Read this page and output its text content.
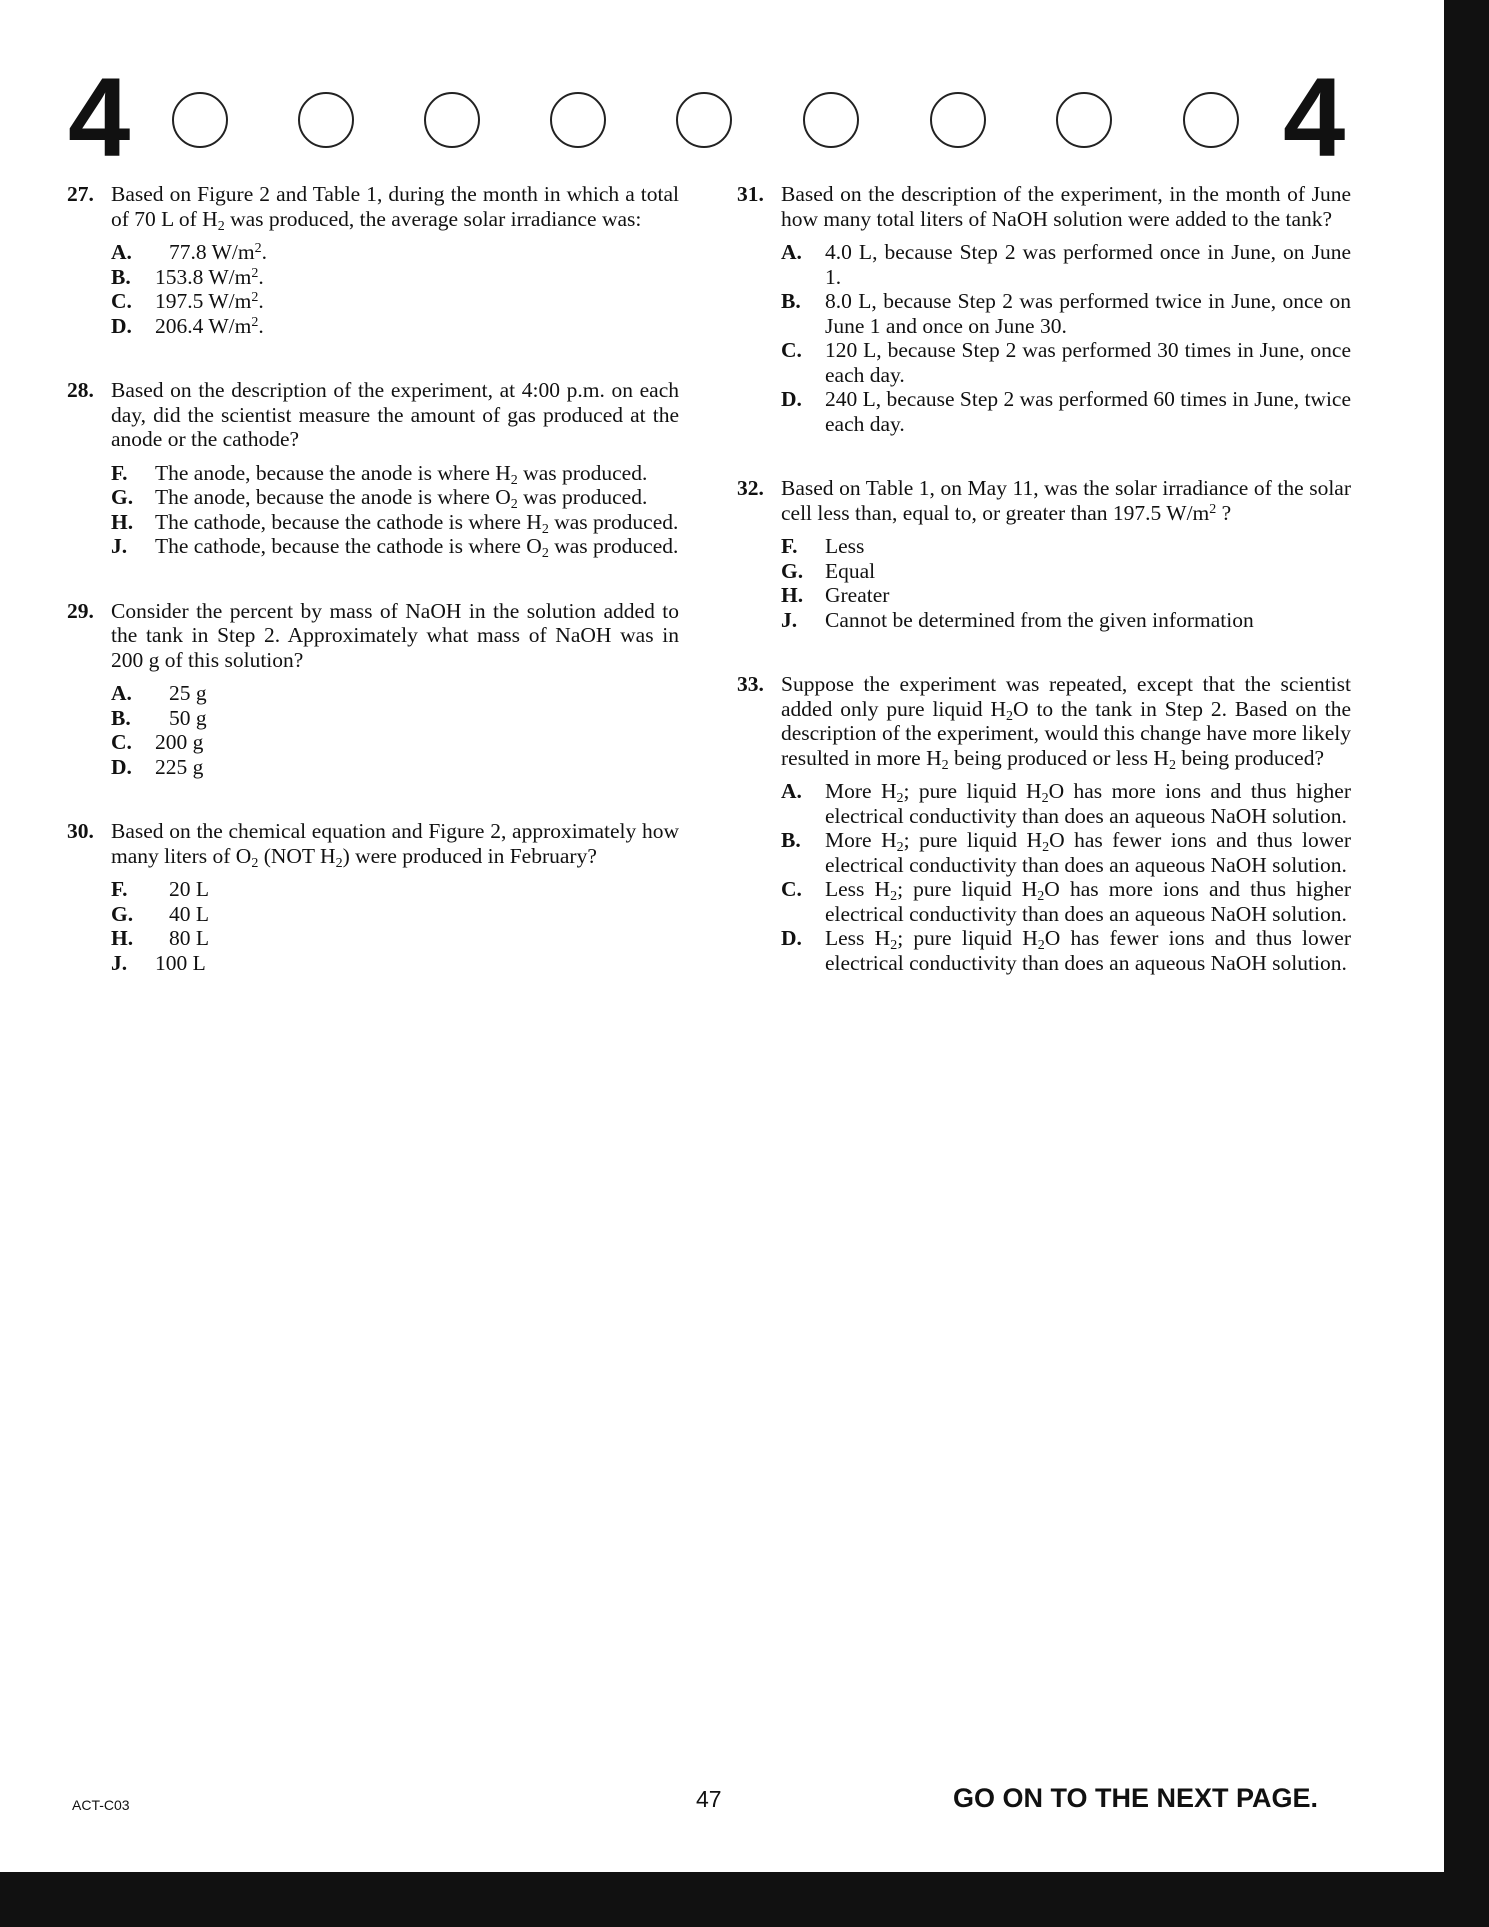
4	4
27. Based on Figure 2 and Table 1, during the month in which a total of 70 L of $H_2$ was produced, the average solar irradiance was:
A. 77.8 $W/m^2$.
B. 153.8 $W/m^2$.
C. 197.5 $W/m^2$.
D. 206.4 $W/m^2$.
28. Based on the description of the experiment, at 4:00 p.m. on each day, did the scientist measure the amount of gas produced at the anode or the cathode?
F. The anode, because the anode is where $H_2$ was produced.
G. The anode, because the anode is where $O_2$ was produced.
H. The cathode, because the cathode is where $H_2$ was produced.
J. The cathode, because the cathode is where $O_2$ was produced.
29. Consider the percent by mass of NaOH in the solution added to the tank in Step 2. Approximately what mass of NaOH was in 200 g of this solution?
A. 25 g
B. 50 g
C. 200 g
D. 225 g
30. Based on the chemical equation and Figure 2, approximately how many liters of $O_2$ (NOT $H_2$) were produced in February?
F. 20 L
G. 40 L
H. 80 L
J. 100 L
31. Based on the description of the experiment, in the month of June how many total liters of NaOH solution were added to the tank?
A. 4.0 L, because Step 2 was performed once in June, on June 1.
B. 8.0 L, because Step 2 was performed twice in June, once on June 1 and once on June 30.
C. 120 L, because Step 2 was performed 30 times in June, once each day.
D. 240 L, because Step 2 was performed 60 times in June, twice each day.
32. Based on Table 1, on May 11, was the solar irradiance of the solar cell less than, equal to, or greater than 197.5 $W/m^2$ ?
F. Less
G. Equal
H. Greater
J. Cannot be determined from the given information
33. Suppose the experiment was repeated, except that the scientist added only pure liquid $H_2O$ to the tank in Step 2. Based on the description of the experiment, would this change have more likely resulted in more $H_2$ being produced or less $H_2$ being produced?
A. More $H_2$; pure liquid $H_2O$ has more ions and thus higher electrical conductivity than does an aqueous NaOH solution.
B. More $H_2$; pure liquid $H_2O$ has fewer ions and thus lower electrical conductivity than does an aqueous NaOH solution.
C. Less $H_2$; pure liquid $H_2O$ has more ions and thus higher electrical conductivity than does an aqueous NaOH solution.
D. Less $H_2$; pure liquid $H_2O$ has fewer ions and thus lower electrical conductivity than does an aqueous NaOH solution.
ACT-C03	47	GO ON TO THE NEXT PAGE.
